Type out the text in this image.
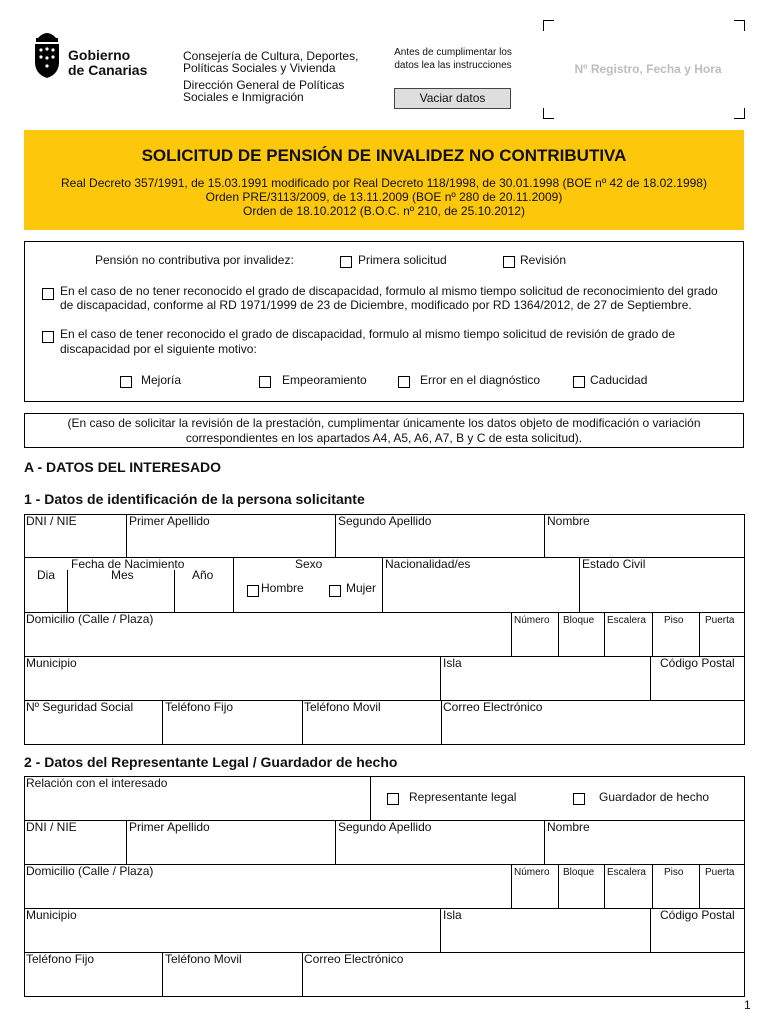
Gobierno
de Canarias
Consejería de Cultura, Deportes,
Políticas Sociales y Vivienda
Dirección General de Políticas
Sociales e Inmigración
Antes de cumplimentar los
datos lea las instrucciones
Vaciar datos
Nº Registro, Fecha y Hora
SOLICITUD DE PENSIÓN DE INVALIDEZ NO CONTRIBUTIVA
Real Decreto 357/1991, de 15.03.1991 modificado por Real Decreto 118/1998, de 30.01.1998 (BOE nº 42 de 18.02.1998)
Orden PRE/3113/2009, de 13.11.2009 (BOE nº 280 de 20.11.2009)
Orden de 18.10.2012 (B.O.C. nº 210, de 25.10.2012)
Pensión no contributiva por invalidez:	Primera solicitud	Revisión
En el caso de no tener reconocido el grado de discapacidad, formulo al mismo tiempo solicitud de reconocimiento del grado
de discapacidad, conforme al RD 1971/1999 de 23 de Diciembre, modificado por RD 1364/2012, de 27 de Septiembre.
En el caso de tener reconocido el grado de discapacidad, formulo al mismo tiempo solicitud de revisión de grado de
discapacidad por el siguiente motivo:
Mejoría	Empeoramiento	Error en el diagnóstico	Caducidad
(En caso de solicitar la revisión de la prestación, cumplimentar únicamente los datos objeto de modificación o variación
correspondientes en los apartados A4, A5, A6, A7, B y C de esta solicitud).
A - DATOS DEL INTERESADO
1 - Datos de identificación de la persona solicitante
DNI / NIE	Primer Apellido	Segundo Apellido	Nombre
Fecha de Nacimiento
Dia	Mes	Año
Sexo
Hombre	Mujer
Nacionalidad/es	Estado Civil
Domicilio (Calle / Plaza)	Número Bloque Escalera Piso Puerta
Municipio	Isla	Código Postal
Nº Seguridad Social	Teléfono Fijo	Teléfono Movil	Correo Electrónico
2 - Datos del Representante Legal / Guardador de hecho
Relación con el interesado
Representante legal	Guardador de hecho
DNI / NIE	Primer Apellido	Segundo Apellido	Nombre
Domicilio (Calle / Plaza)	Número Bloque Escalera Piso Puerta
Municipio	Isla	Código Postal
Teléfono Fijo	Teléfono Movil	Correo Electrónico
1
